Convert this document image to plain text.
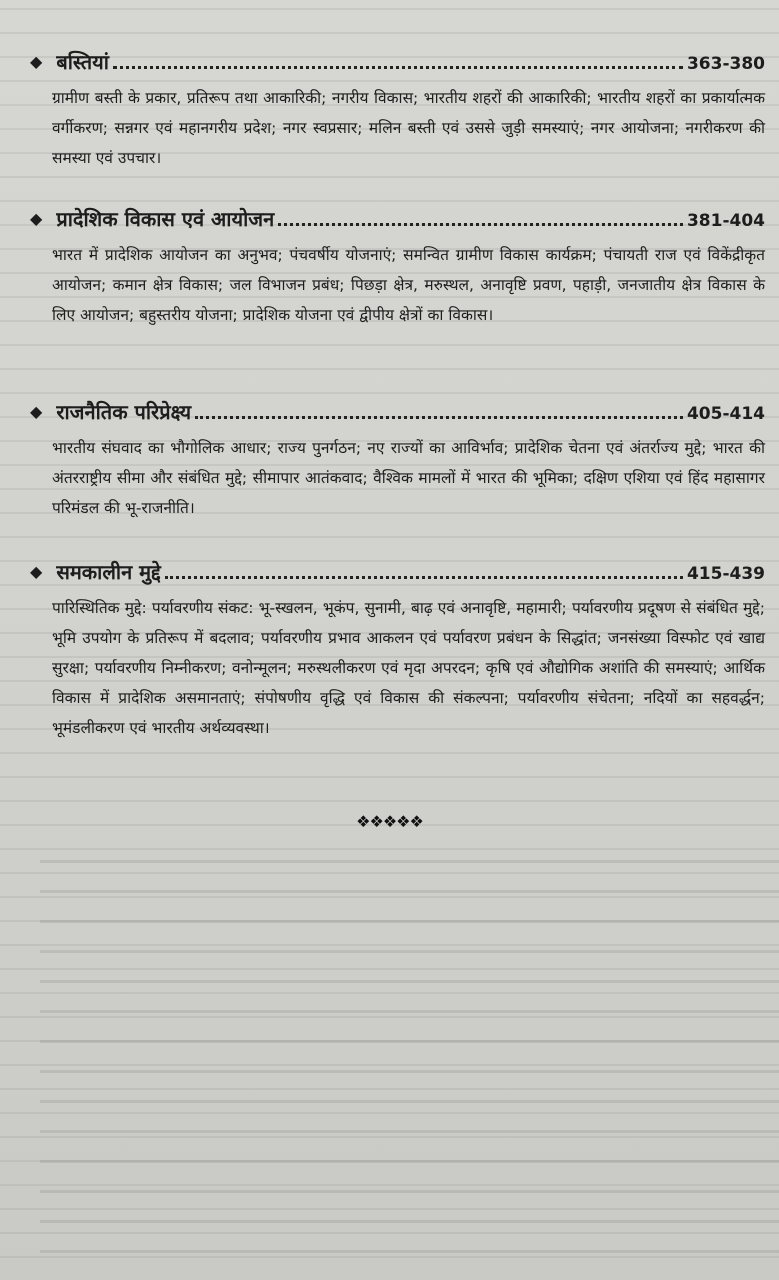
◆ बस्तियां	363-380
ग्रामीण बस्ती के प्रकार, प्रतिरूप तथा आकारिकी; नगरीय विकास; भारतीय शहरों की आकारिकी; भारतीय शहरों का प्रकार्यात्मक वर्गीकरण; सन्नगर एवं महानगरीय प्रदेश; नगर स्वप्रसार; मलिन बस्ती एवं उससे जुड़ी समस्याएं; नगर आयोजना; नगरीकरण की समस्या एवं उपचार।
◆ प्रादेशिक विकास एवं आयोजन	381-404
भारत में प्रादेशिक आयोजन का अनुभव; पंचवर्षीय योजनाएं; समन्वित ग्रामीण विकास कार्यक्रम; पंचायती राज एवं विकेंद्रीकृत आयोजन; कमान क्षेत्र विकास; जल विभाजन प्रबंध; पिछड़ा क्षेत्र, मरुस्थल, अनावृष्टि प्रवण, पहाड़ी, जनजातीय क्षेत्र विकास के लिए आयोजन; बहुस्तरीय योजना; प्रादेशिक योजना एवं द्वीपीय क्षेत्रों का विकास।
◆ राजनैतिक परिप्रेक्ष्य	405-414
भारतीय संघवाद का भौगोलिक आधार; राज्य पुनर्गठन; नए राज्यों का आविर्भाव; प्रादेशिक चेतना एवं अंतर्राज्य मुद्दे; भारत की अंतरराष्ट्रीय सीमा और संबंधित मुद्दे; सीमापार आतंकवाद; वैश्विक मामलों में भारत की भूमिका; दक्षिण एशिया एवं हिंद महासागर परिमंडल की भू-राजनीति।
◆ समकालीन मुद्दे	415-439
पारिस्थितिक मुद्दे: पर्यावरणीय संकट: भू-स्खलन, भूकंप, सुनामी, बाढ़ एवं अनावृष्टि, महामारी; पर्यावरणीय प्रदूषण से संबंधित मुद्दे; भूमि उपयोग के प्रतिरूप में बदलाव; पर्यावरणीय प्रभाव आकलन एवं पर्यावरण प्रबंधन के सिद्धांत; जनसंख्या विस्फोट एवं खाद्य सुरक्षा; पर्यावरणीय निम्नीकरण; वनोन्मूलन; मरुस्थलीकरण एवं मृदा अपरदन; कृषि एवं औद्योगिक अशांति की समस्याएं; आर्थिक विकास में प्रादेशिक असमानताएं; संपोषणीय वृद्धि एवं विकास की संकल्पना; पर्यावरणीय संचेतना; नदियों का सहवर्द्धन; भूमंडलीकरण एवं भारतीय अर्थव्यवस्था।
❖❖❖❖❖
